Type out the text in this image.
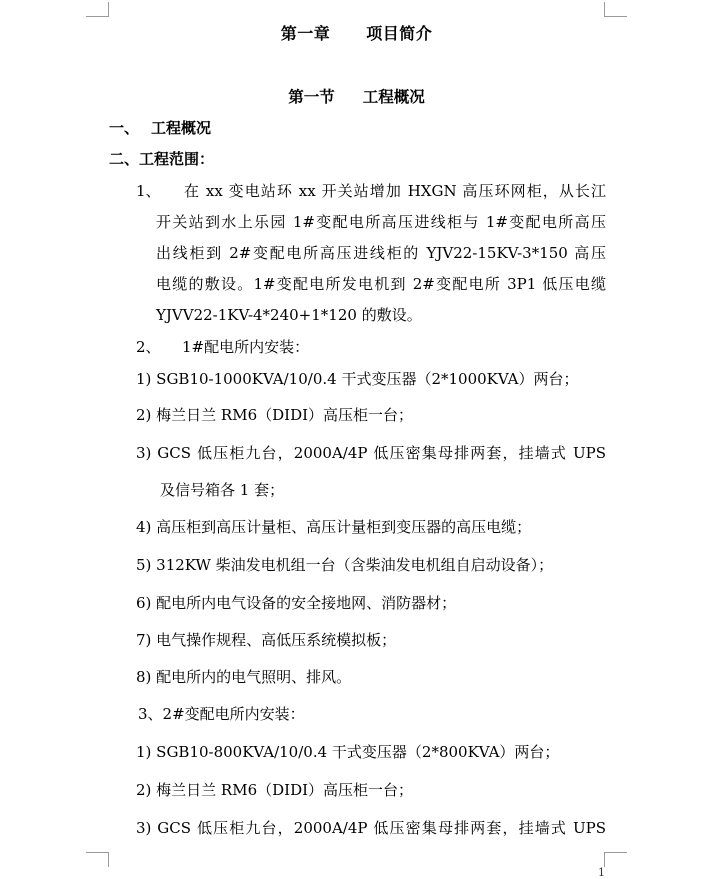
第一章 项目简介
第一节 工程概况
一、 工程概况
二、工程范围：
1、 在 xx 变电站环 xx 开关站增加 HXGN 高压环网柜，从长江
开关站到水上乐园 1#变配电所高压进线柜与 1#变配电所高压
出线柜到 2#变配电所高压进线柜的 YJV22-15KV-3*150 高压
电缆的敷设。1#变配电所发电机到 2#变配电所 3P1 低压电缆
YJVV22-1KV-4*240+1*120 的敷设。
2、 1#配电所内安装：
1) SGB10-1000KVA/10/0.4 干式变压器（2*1000KVA）两台；
2) 梅兰日兰 RM6（DIDI）高压柜一台；
3) GCS 低压柜九台，2000A/4P 低压密集母排两套，挂墙式 UPS
及信号箱各 1 套；
4) 高压柜到高压计量柜、高压计量柜到变压器的高压电缆；
5) 312KW 柴油发电机组一台（含柴油发电机组自启动设备）；
6) 配电所内电气设备的安全接地网、消防器材；
7) 电气操作规程、高低压系统模拟板；
8) 配电所内的电气照明、排风。
3、2#变配电所内安装：
1) SGB10-800KVA/10/0.4 干式变压器（2*800KVA）两台；
2) 梅兰日兰 RM6（DIDI）高压柜一台；
3) GCS 低压柜九台，2000A/4P 低压密集母排两套，挂墙式 UPS
1
